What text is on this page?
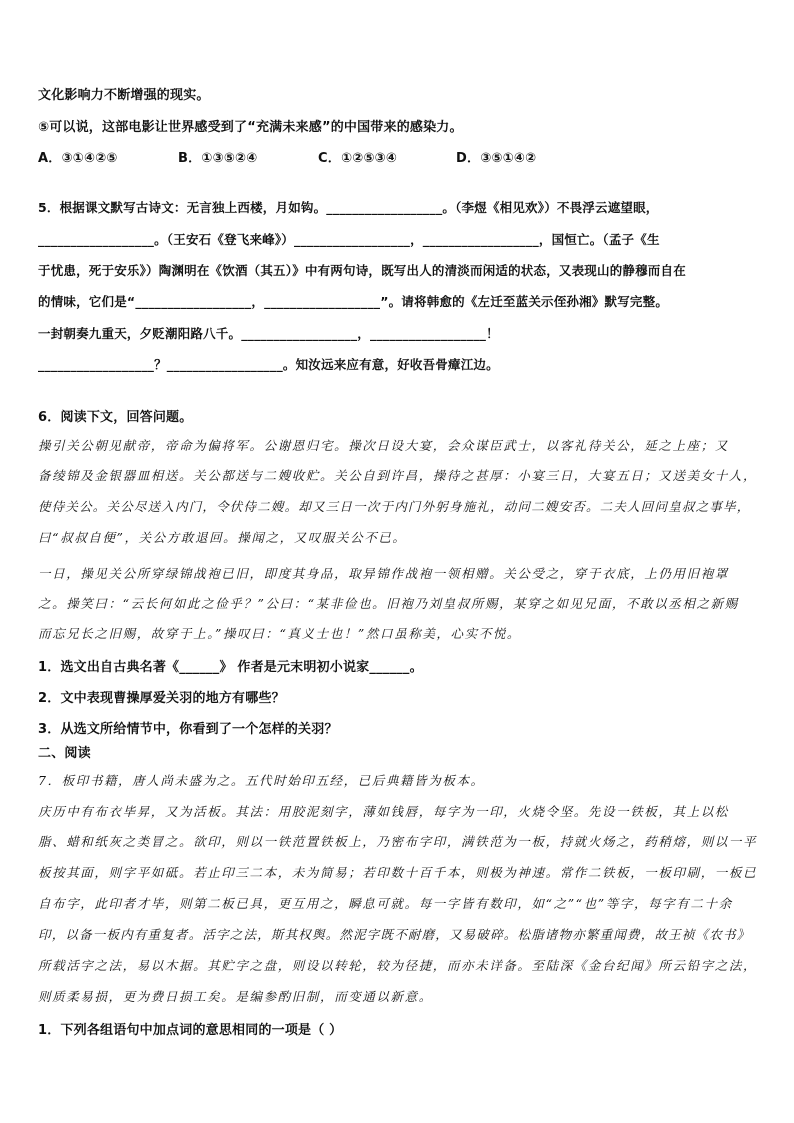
文化影响力不断增强的现实。
⑤可以说，这部电影让世界感受到了“充满未来感”的中国带来的感染力。
A．③①④②⑤	B．①③⑤②④	C．①②⑤③④	D．③⑤①④②
5．根据课文默写古诗文：无言独上西楼，月如钩。__________________。（李煜《相见欢》）不畏浮云遮望眼，
__________________。（王安石《登飞来峰》）__________________，__________________，国恒亡。（孟子《生
于忧患，死于安乐》）陶渊明在《饮酒（其五）》中有两句诗，既写出人的清淡而闲适的状态，又表现山的静穆而自在
的情味，它们是“__________________，__________________”。请将韩愈的《左迁至蓝关示侄孙湘》默写完整。
一封朝奏九重天，夕贬潮阳路八千。__________________，__________________！
__________________？__________________。知汝远来应有意，好收吾骨瘴江边。
6．阅读下文，回答问题。
操引关公朝见献帝，帝命为偏将军。公谢恩归宅。操次日设大宴，会众谋臣武士，以客礼待关公，延之上座；又
备绫锦及金银器皿相送。关公都送与二嫂收贮。关公自到许昌，操待之甚厚：小宴三日，大宴五日；又送美女十人，
使侍关公。关公尽送入内门，令伏侍二嫂。却又三日一次于内门外躬身施礼，动问二嫂安否。二夫人回问皇叔之事毕，
曰“叔叔自便”，关公方敢退回。操闻之，又叹服关公不已。
一日，操见关公所穿绿锦战袍已旧，即度其身品，取异锦作战袍一领相赠。关公受之，穿于衣底，上仍用旧袍罩
之。操笑曰：“云长何如此之俭乎？”公曰：“某非俭也。旧袍乃刘皇叔所赐，某穿之如见兄面，不敢以丞相之新赐
而忘兄长之旧赐，故穿于上。”操叹曰：“真义士也！”然口虽称美，心实不悦。
1．选文出自古典名著《______》 作者是元末明初小说家______。
2．文中表现曹操厚爱关羽的地方有哪些？
3．从选文所给情节中，你看到了一个怎样的关羽？
二、阅读
7．板印书籍，唐人尚未盛为之。五代时始印五经，已后典籍皆为板本。
庆历中有布衣毕昇，又为活板。其法：用胶泥刻字，薄如钱唇，每字为一印，火烧令坚。先设一铁板，其上以松
脂、蜡和纸灰之类冒之。欲印，则以一铁范置铁板上，乃密布字印，满铁范为一板，持就火炀之，药稍熔，则以一平
板按其面，则字平如砥。若止印三二本，未为简易；若印数十百千本，则极为神速。常作二铁板，一板印刷，一板已
自布字，此印者才毕，则第二板已具，更互用之，瞬息可就。每一字皆有数印，如“之”“也”等字，每字有二十余
印，以备一板内有重复者。活字之法，斯其权舆。然泥字既不耐磨，又易破碎。松脂诸物亦繁重闻费，故王祯《农书》
所载活字之法，易以木据。其贮字之盘，则设以转轮，较为径捷，而亦未详备。至陆深《金台纪闻》所云铅字之法，
则质柔易损，更为费日损工矣。是编参酌旧制，而变通以新意。
1．下列各组语句中加点词的意思相同的一项是（ ）
